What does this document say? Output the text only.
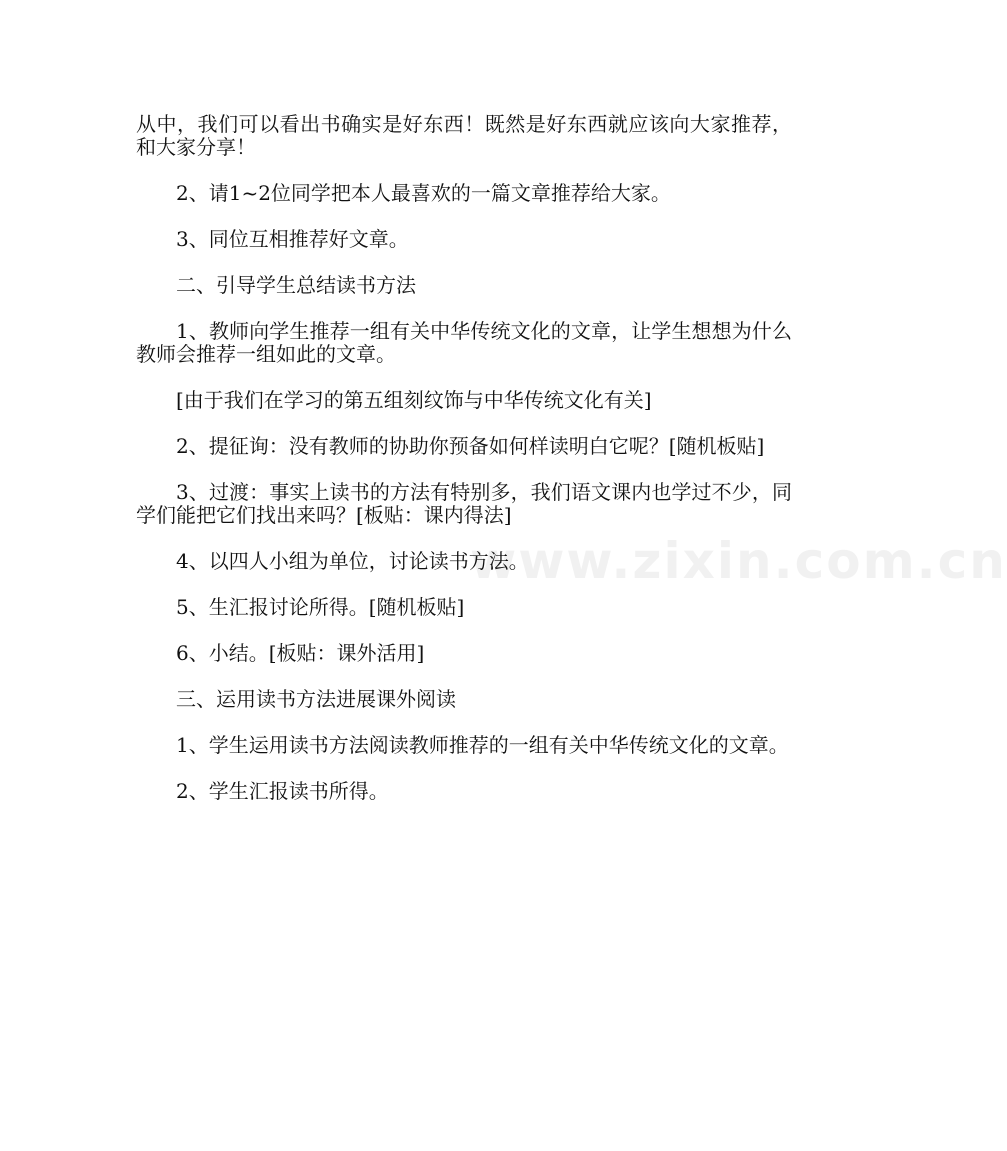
www.zixin.com.cn

从中，我们可以看出书确实是好东西！既然是好东西就应该向大家推荐，和大家分享！

2、请1~2位同学把本人最喜欢的一篇文章推荐给大家。

3、同位互相推荐好文章。

二、引导学生总结读书方法

1、教师向学生推荐一组有关中华传统文化的文章，让学生想想为什么教师会推荐一组如此的文章。

[由于我们在学习的第五组刻纹饰与中华传统文化有关]

2、提征询：没有教师的协助你预备如何样读明白它呢？[随机板贴]

3、过渡：事实上读书的方法有特别多，我们语文课内也学过不少，同学们能把它们找出来吗？[板贴：课内得法]

4、以四人小组为单位，讨论读书方法。

5、生汇报讨论所得。[随机板贴]

6、小结。[板贴：课外活用]

三、运用读书方法进展课外阅读

1、学生运用读书方法阅读教师推荐的一组有关中华传统文化的文章。

2、学生汇报读书所得。
